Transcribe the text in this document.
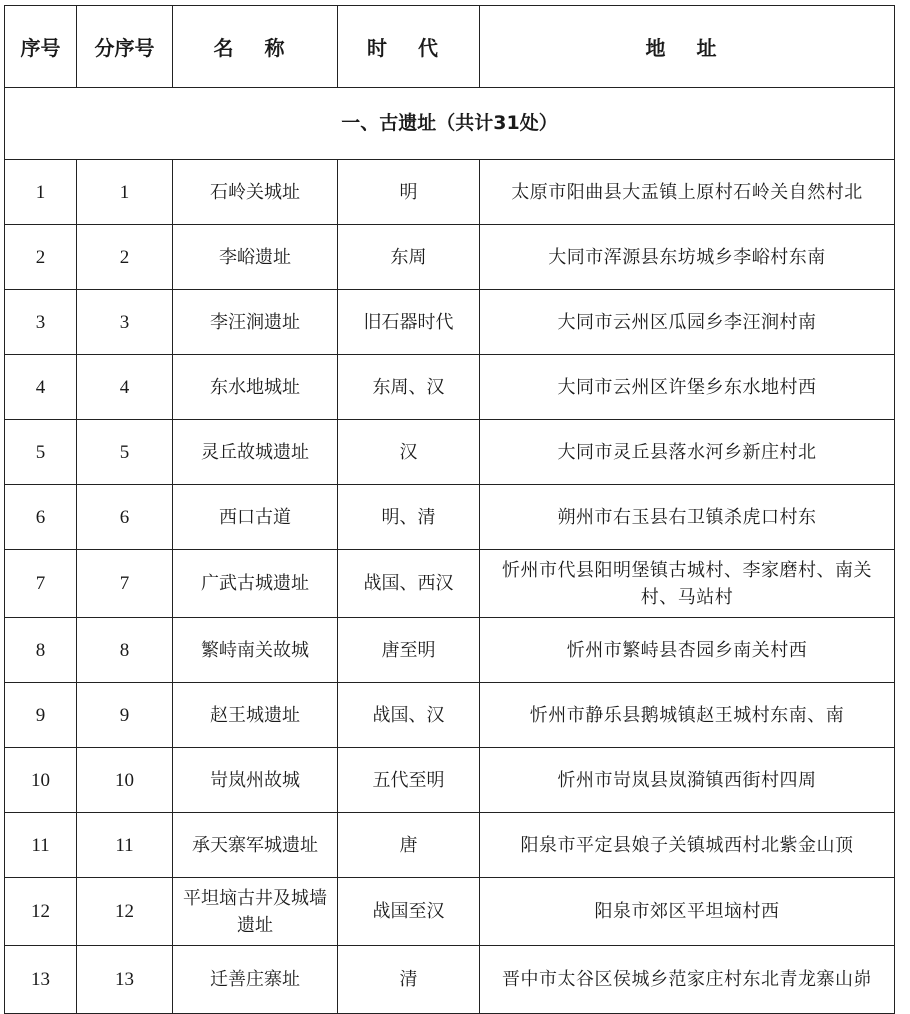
序号	分序号	名 称	时 代	地 址
一、古遗址（共计31处）				
1	1	石岭关城址	明	太原市阳曲县大盂镇上原村石岭关自然村北
2	2	李峪遗址	东周	大同市浑源县东坊城乡李峪村东南
3	3	李汪涧遗址	旧石器时代	大同市云州区瓜园乡李汪涧村南
4	4	东水地城址	东周、汉	大同市云州区许堡乡东水地村西
5	5	灵丘故城遗址	汉	大同市灵丘县落水河乡新庄村北
6	6	西口古道	明、清	朔州市右玉县右卫镇杀虎口村东
7	7	广武古城遗址	战国、西汉	忻州市代县阳明堡镇古城村、李家磨村、南关村、马站村
8	8	繁峙南关故城	唐至明	忻州市繁峙县杏园乡南关村西
9	9	赵王城遗址	战国、汉	忻州市静乐县鹅城镇赵王城村东南、南
10	10	岢岚州故城	五代至明	忻州市岢岚县岚漪镇西街村四周
11	11	承天寨军城遗址	唐	阳泉市平定县娘子关镇城西村北紫金山顶
12	12	平坦垴古井及城墙遗址	战国至汉	阳泉市郊区平坦垴村西
13	13	迁善庄寨址	清	晋中市太谷区侯城乡范家庄村东北青龙寨山峁
